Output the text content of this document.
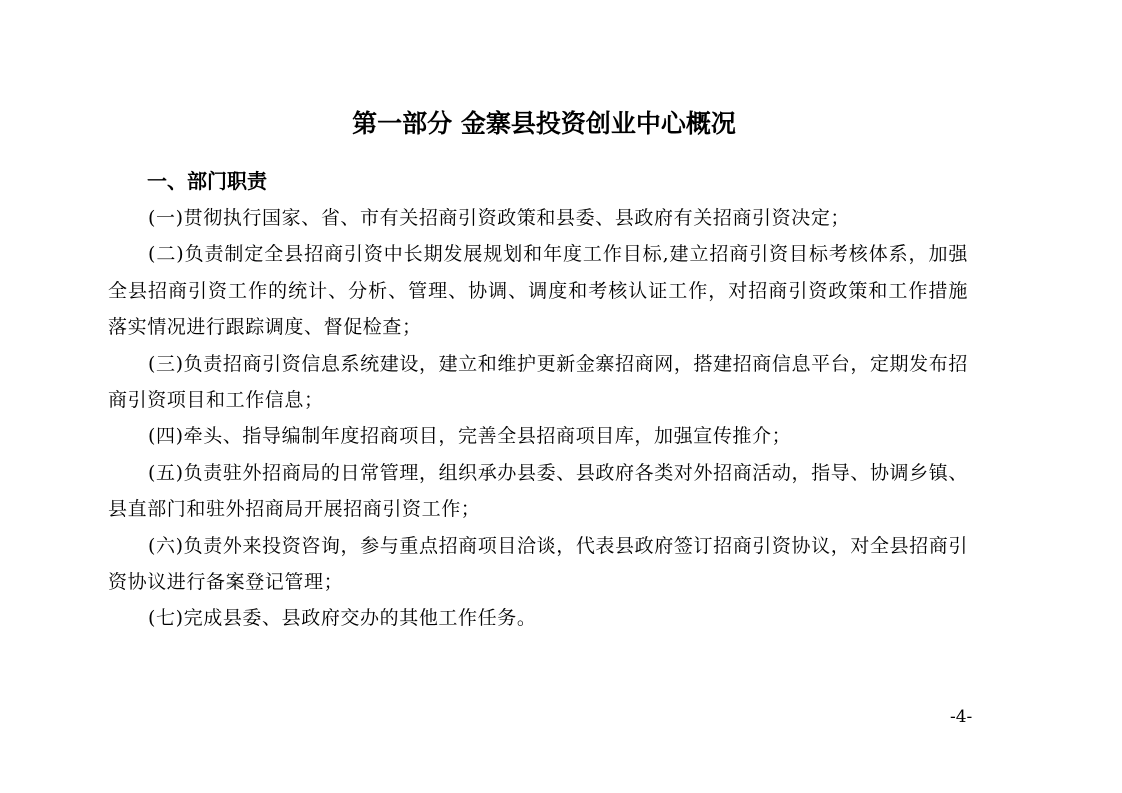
第一部分 金寨县投资创业中心概况
一、部门职责

(一)贯彻执行国家、省、市有关招商引资政策和县委、县政府有关招商引资决定；

(二)负责制定全县招商引资中长期发展规划和年度工作目标,建立招商引资目标考核体系，加强全县招商引资工作的统计、分析、管理、协调、调度和考核认证工作，对招商引资政策和工作措施落实情况进行跟踪调度、督促检查；

(三)负责招商引资信息系统建设，建立和维护更新金寨招商网，搭建招商信息平台，定期发布招商引资项目和工作信息；

(四)牵头、指导编制年度招商项目，完善全县招商项目库，加强宣传推介；

(五)负责驻外招商局的日常管理，组织承办县委、县政府各类对外招商活动，指导、协调乡镇、县直部门和驻外招商局开展招商引资工作；

(六)负责外来投资咨询，参与重点招商项目洽谈，代表县政府签订招商引资协议，对全县招商引资协议进行备案登记管理；

(七)完成县委、县政府交办的其他工作任务。

-4-
